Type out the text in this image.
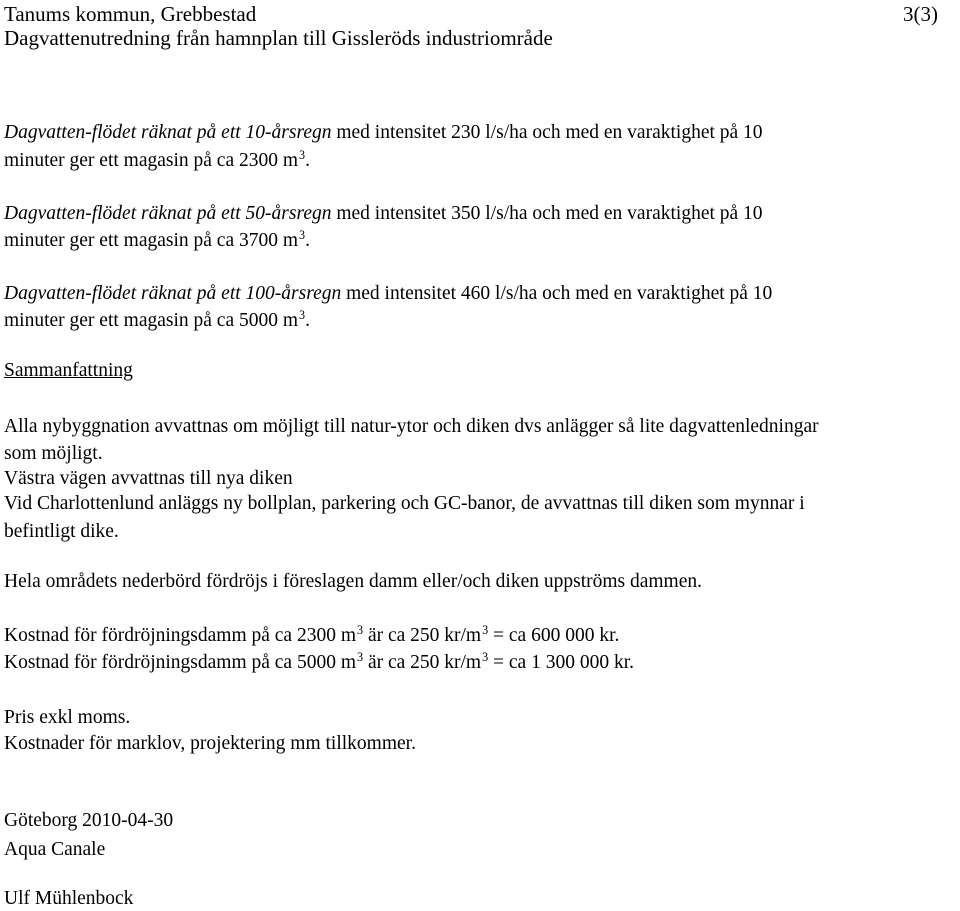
Tanums kommun, Grebbestad	3(3)
Dagvattenutredning från hamnplan till Gissleröds industriområde
Dagvatten-flödet räknat på ett 10-årsregn med intensitet 230 l/s/ha och med en varaktighet på 10
minuter ger ett magasin på ca 2300 $m^3$.
Dagvatten-flödet räknat på ett 50-årsregn med intensitet 350 l/s/ha och med en varaktighet på 10
minuter ger ett magasin på ca 3700 $m^3$.
Dagvatten-flödet räknat på ett 100-årsregn med intensitet 460 l/s/ha och med en varaktighet på 10
minuter ger ett magasin på ca 5000 $m^3$.
Sammanfattning
Alla nybyggnation avvattnas om möjligt till natur-ytor och diken dvs anlägger så lite dagvattenledningar
som möjligt.
Västra vägen avvattnas till nya diken
Vid Charlottenlund anläggs ny bollplan, parkering och GC-banor, de avvattnas till diken som mynnar i
befintligt dike.
Hela områdets nederbörd fördröjs i föreslagen damm eller/och diken uppströms dammen.
Kostnad för fördröjningsdamm på ca 2300 $m^3$ är ca 250 $kr/m^3$ = ca 600 000 kr.
Kostnad för fördröjningsdamm på ca 5000 $m^3$ är ca 250 $kr/m^3$ = ca 1 300 000 kr.
Pris exkl moms.
Kostnader för marklov, projektering mm tillkommer.
Göteborg 2010-04-30
Aqua Canale
Ulf Mühlenbock
